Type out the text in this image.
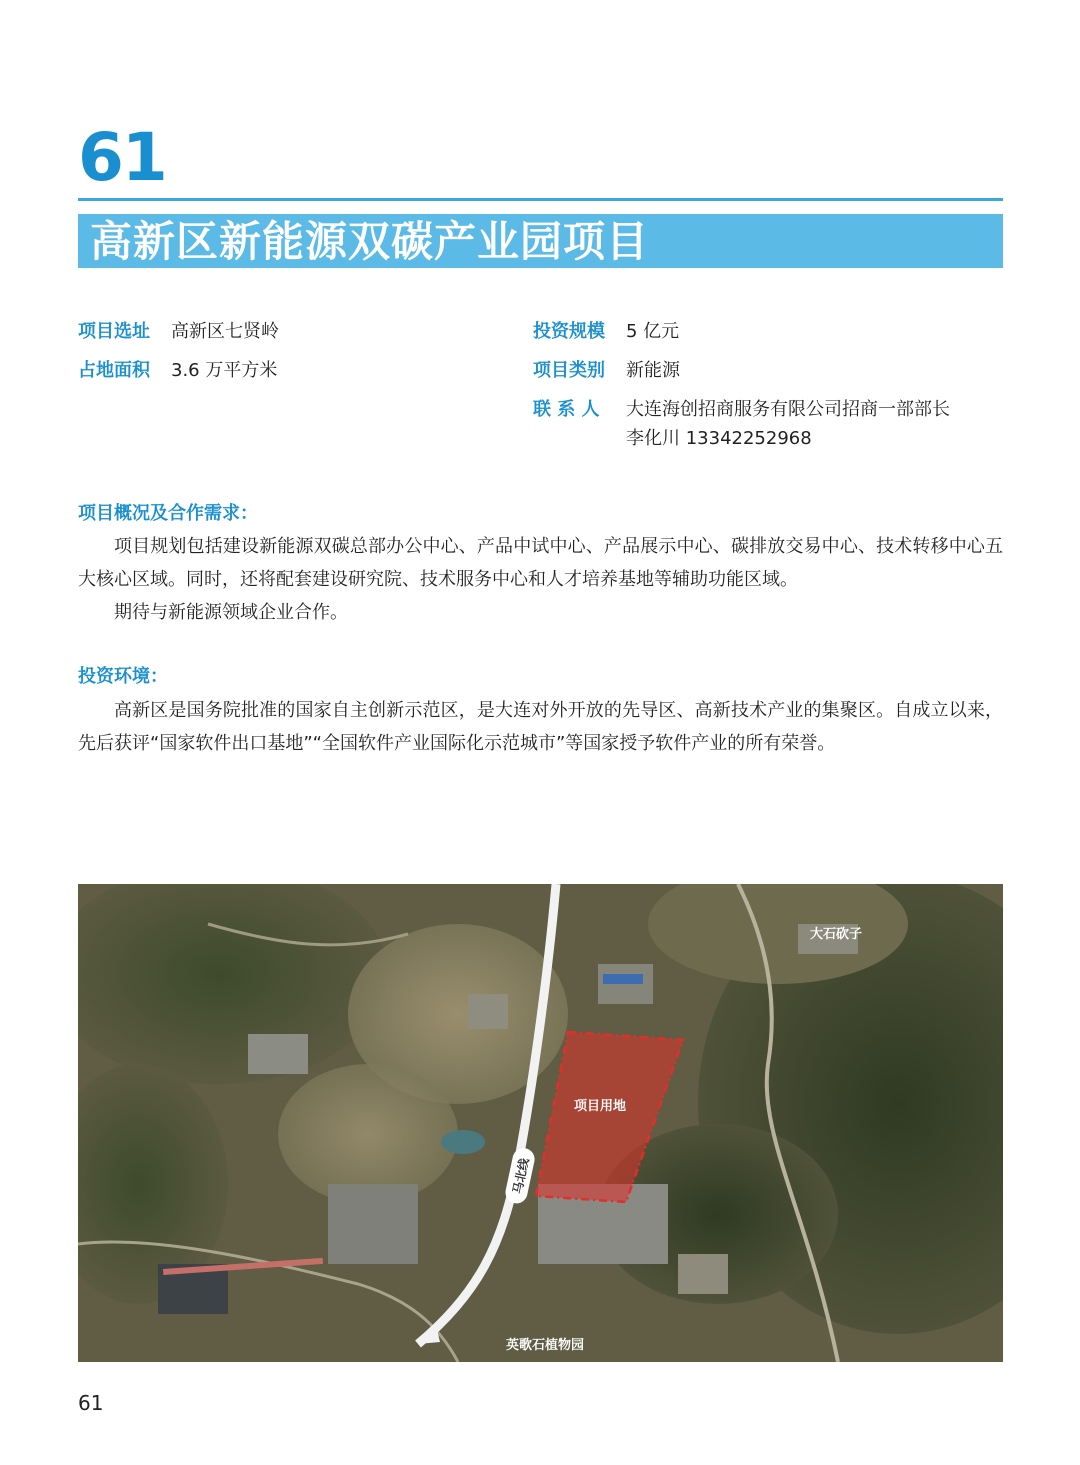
61
高新区新能源双碳产业园项目
项目选址 高新区七贤岭
占地面积 3.6 万平方米
投资规模 5 亿元
项目类别 新能源
联 系 人 大连海创招商服务有限公司招商一部部长
李化川 13342252968
项目概况及合作需求：

项目规划包括建设新能源双碳总部办公中心、产品中试中心、产品展示中心、碳排放交易中心、技术转移中心五大核心区域。同时，还将配套建设研究院、技术服务中心和人才培养基地等辅助功能区域。

期待与新能源领域企业合作。

投资环境：

高新区是国务院批准的国家自主创新示范区，是大连对外开放的先导区、高新技术产业的集聚区。自成立以来，先后获评“国家软件出口基地”“全国软件产业国际化示范城市”等国家授予软件产业的所有荣誉。

项目用地
大石砍子
马北线
英歌石植物园
61
